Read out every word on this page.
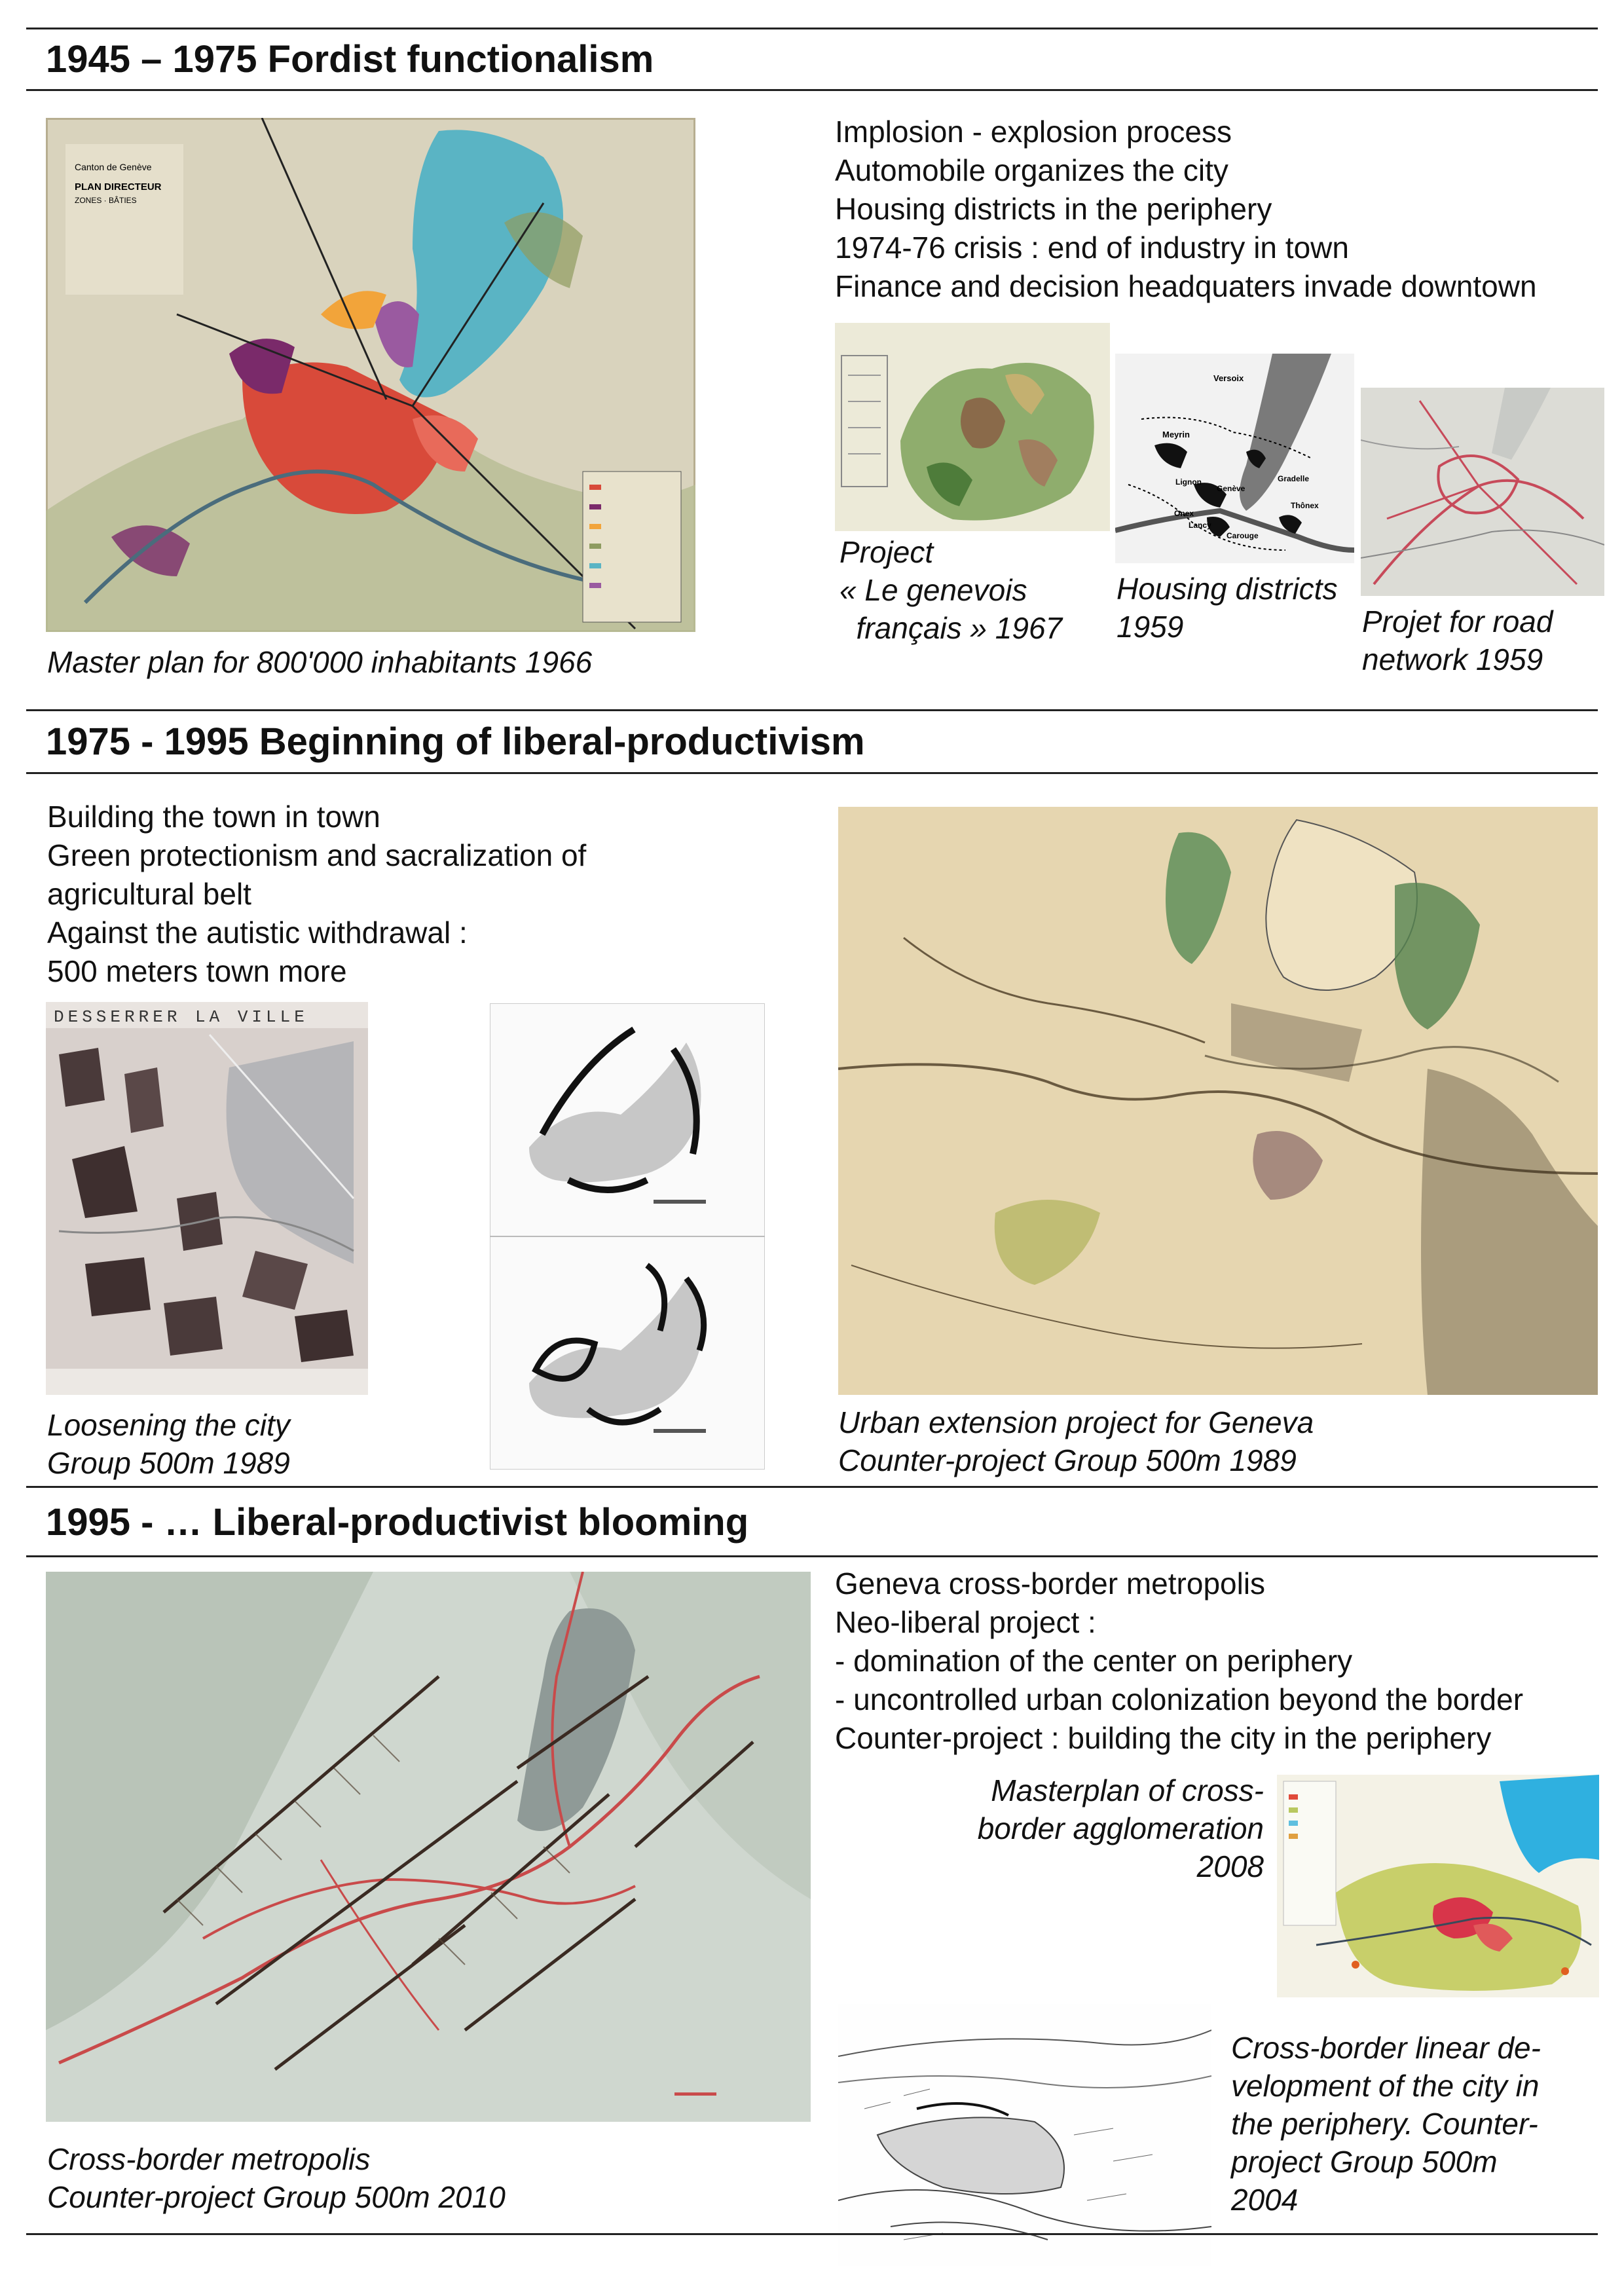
1945 – 1975 Fordist functionalism
Canton de Genève
PLAN DIRECTEUR
ZONES · BÂTIES
Master plan for 800'000 inhabitants 1966
Implosion - explosion process
Automobile organizes the city
Housing districts in the periphery
1974-76 crisis : end of industry in town
Finance and decision headquaters invade downtown
Project
« Le genevois
français » 1967
Versoix
Meyrin
Lignon
Genève
Gradelle
Onex
Lancy
Thônex
Carouge
Housing districts
1959	Projet for road
network 1959
1975 - 1995 Beginning of liberal-productivism
Building the town in town
Green protectionism and sacralization of
agricultural belt
Against the autistic withdrawal :
500 meters town more
DESSERRER LA VILLE
Loosening the city
Group 500m 1989
Urban extension project for Geneva
Counter-project Group 500m 1989
1995 - … Liberal-productivist blooming
▬▬▬▬
Cross-border metropolis
Counter-project Group 500m 2010
Geneva cross-border metropolis
Neo-liberal project :
- domination of the center on periphery
- uncontrolled urban colonization beyond the border
Counter-project : building the city in the periphery
Masterplan of cross-
border agglomeration
2008
Cross-border linear de-
velopment of the city in
the periphery. Counter-
project Group 500m
2004
